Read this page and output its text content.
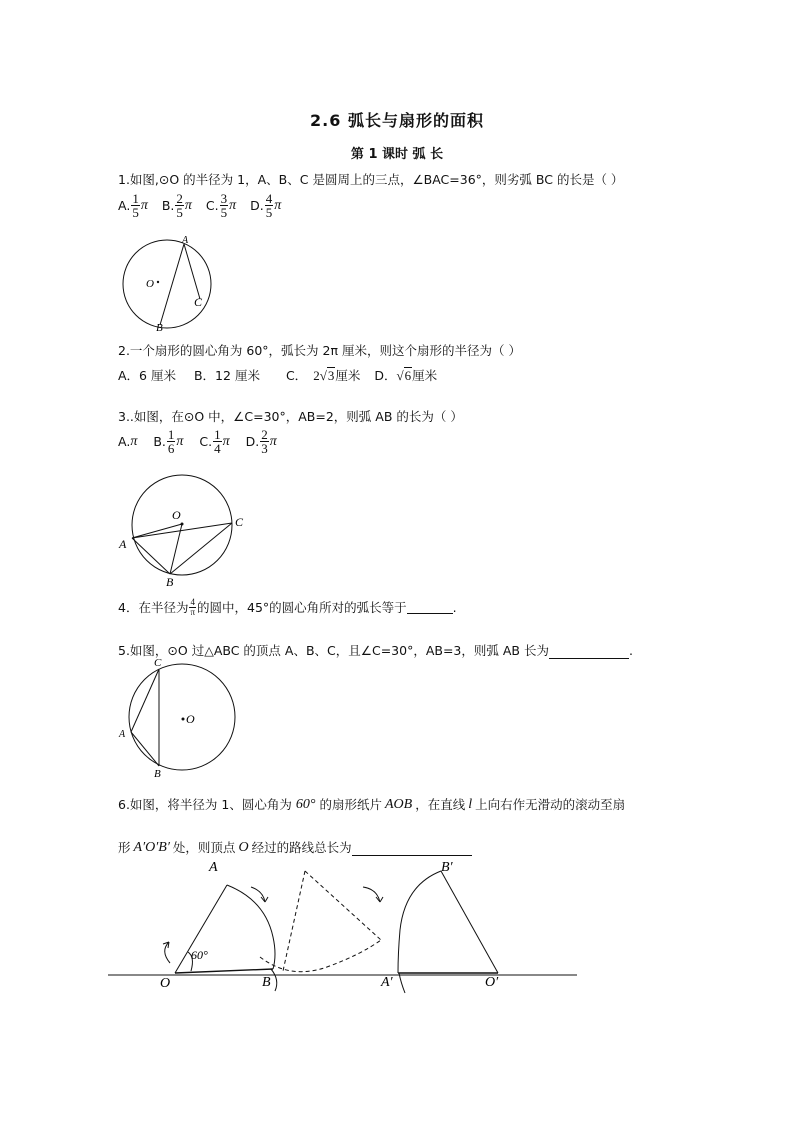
2.6 弧长与扇形的面积
第 1 课时 弧 长
1.如图,⊙O 的半径为 1，A、B、C 是圆周上的三点，∠BAC=36°，则劣弧 BC 的长是（ ）
A. $\frac{1}{5}$ π B. $\frac{2}{5}$ π C. $\frac{3}{5}$ π D. $\frac{4}{5}$ π
A
C
B
O
2.一个扇形的圆心角为 60°，弧长为 2π 厘米，则这个扇形的半径为（ ）
A．6 厘米 B．12 厘米 C． 2√3 厘米 D． √6 厘米
3..如图，在⊙O 中，∠C=30°，AB=2，则弧 AB 的长为（ ）
A. π B. $\frac{1}{6}$ π C. $\frac{1}{4}$ π D. $\frac{2}{3}$ π
O	C
A
B
4．在半径为 $\frac{4}{\pi}$ 的圆中，45°的圆心角所对的弧长等于	.
5.如图，⊙O 过△ABC 的顶点 A、B、C，且∠C=30°，AB=3，则弧 AB 长为	.
C
O
A
B
6.如图，将半径为 1、圆心角为 60° 的扇形纸片 AOB ，在直线 l 上向右作无滑动的滚动至扇
形 A′O′B′ 处，则顶点 O 经过的路线总长为
A
60°
O	B	A′	O′
B′
